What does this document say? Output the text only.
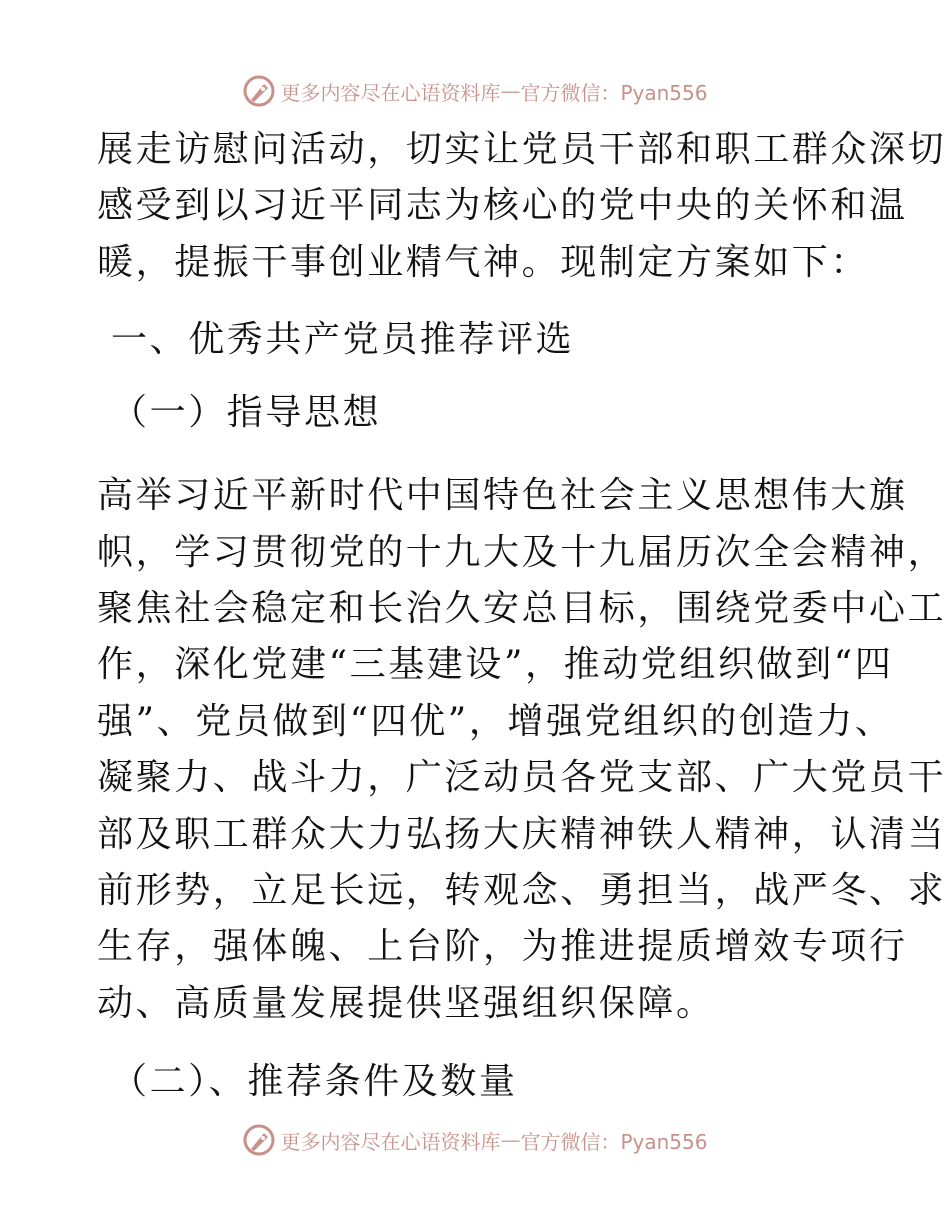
更多内容尽在心语资料库 — 官方微信：Pyan556

展走访慰问活动，切实让党员干部和职工群众深切
感受到以习近平同志为核心的党中央的关怀和温
暖，提振干事创业精气神。现制定方案如下：

一、优秀共产党员推荐评选

（一）指导思想

高举习近平新时代中国特色社会主义思想伟大旗
帜，学习贯彻党的十九大及十九届历次全会精神，
聚焦社会稳定和长治久安总目标，围绕党委中心工
作，深化党建“三基建设”，推动党组织做到“四
强”、党员做到“四优”，增强党组织的创造力、
凝聚力、战斗力，广泛动员各党支部、广大党员干
部及职工群众大力弘扬大庆精神铁人精神，认清当
前形势，立足长远，转观念、勇担当，战严冬、求
生存，强体魄、上台阶，为推进提质增效专项行
动、高质量发展提供坚强组织保障。

（二）、推荐条件及数量

更多内容尽在心语资料库 — 官方微信：Pyan556
